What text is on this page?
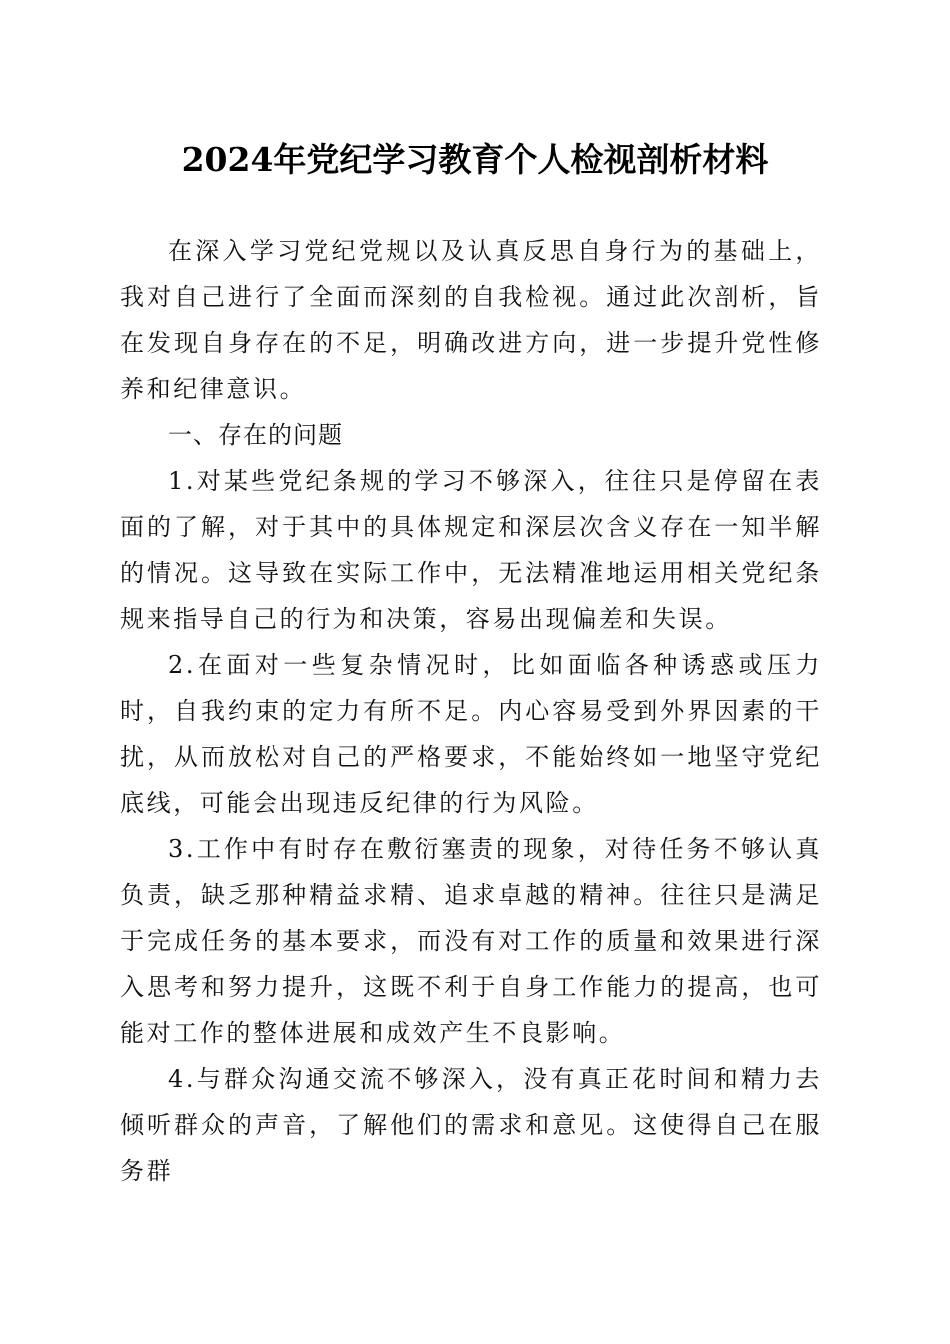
2024年党纪学习教育个人检视剖析材料

在深入学习党纪党规以及认真反思自身行为的基础上，我对自己进行了全面而深刻的自我检视。通过此次剖析，旨在发现自身存在的不足，明确改进方向，进一步提升党性修养和纪律意识。

一、存在的问题

1.对某些党纪条规的学习不够深入，往往只是停留在表面的了解，对于其中的具体规定和深层次含义存在一知半解的情况。这导致在实际工作中，无法精准地运用相关党纪条规来指导自己的行为和决策，容易出现偏差和失误。

2.在面对一些复杂情况时，比如面临各种诱惑或压力时，自我约束的定力有所不足。内心容易受到外界因素的干扰，从而放松对自己的严格要求，不能始终如一地坚守党纪底线，可能会出现违反纪律的行为风险。

3.工作中有时存在敷衍塞责的现象，对待任务不够认真负责，缺乏那种精益求精、追求卓越的精神。往往只是满足于完成任务的基本要求，而没有对工作的质量和效果进行深入思考和努力提升，这既不利于自身工作能力的提高，也可能对工作的整体进展和成效产生不良影响。

4.与群众沟通交流不够深入，没有真正花时间和精力去倾听群众的声音，了解他们的需求和意见。这使得自己在服务群
